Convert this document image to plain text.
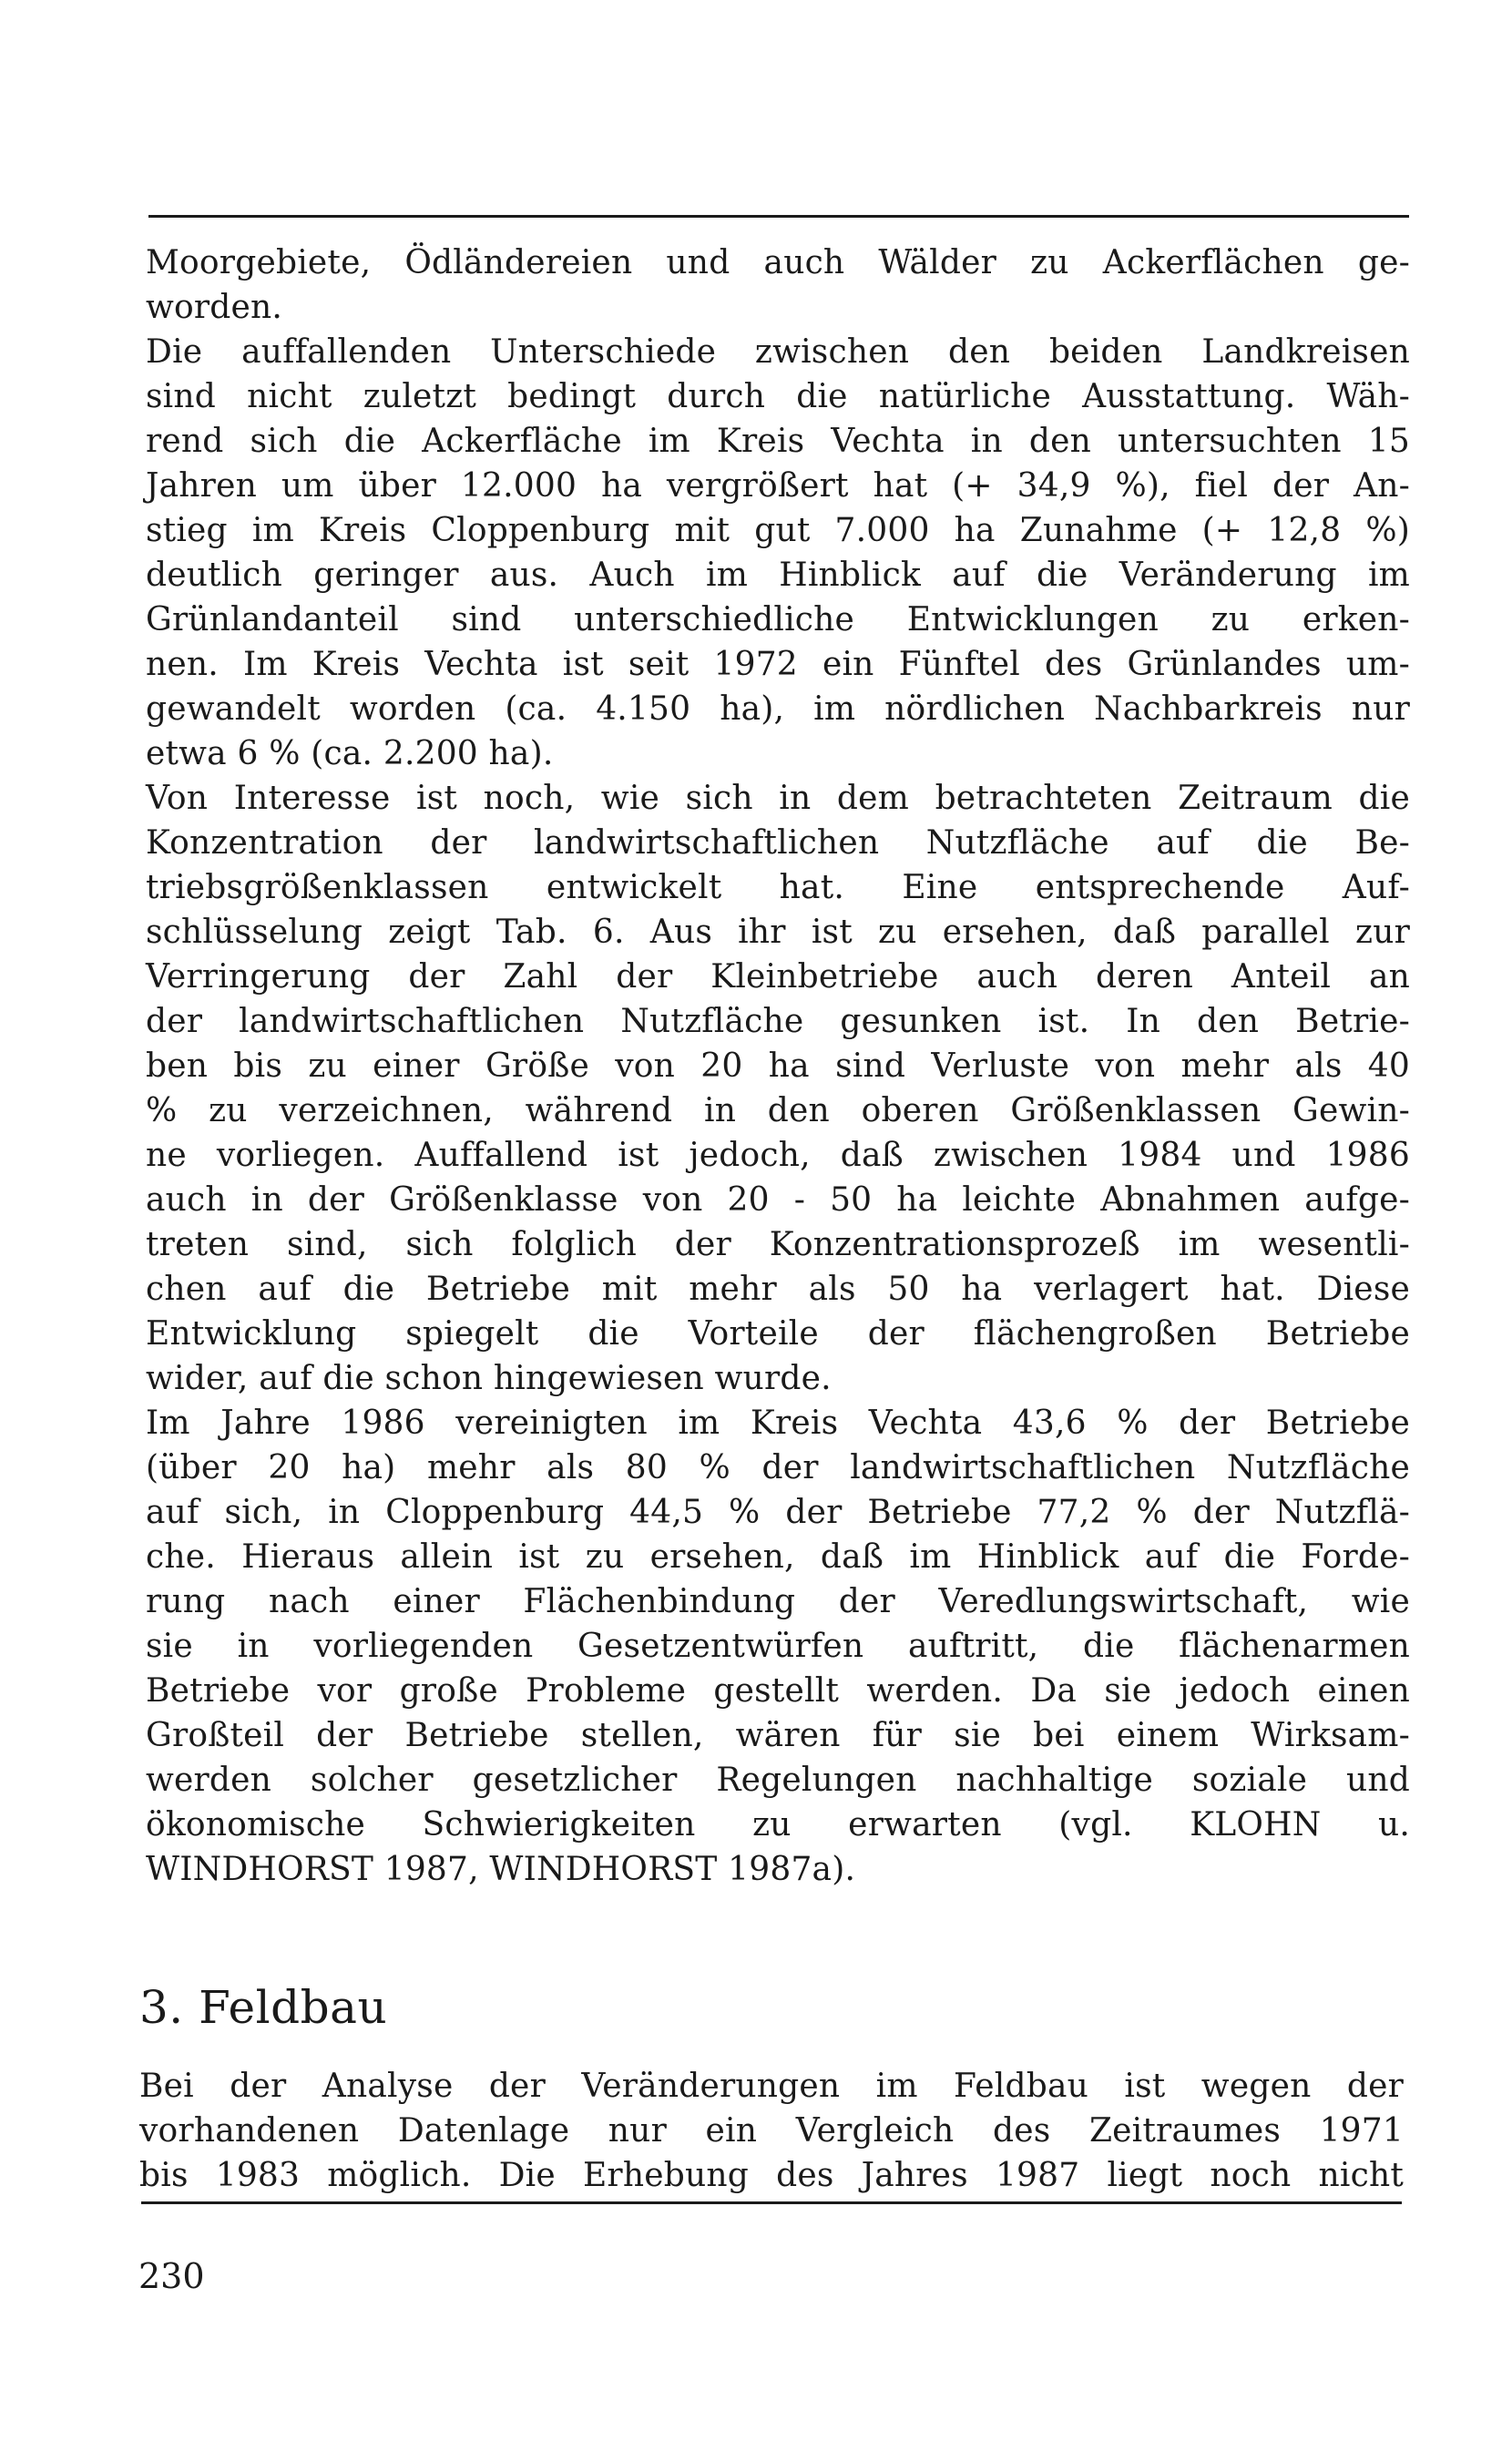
Moorgebiete, Ödländereien und auch Wälder zu Ackerflächen ge-
worden.
Die auffallenden Unterschiede zwischen den beiden Landkreisen
sind nicht zuletzt bedingt durch die natürliche Ausstattung. Wäh-
rend sich die Ackerfläche im Kreis Vechta in den untersuchten 15
Jahren um über 12.000 ha vergrößert hat (+ 34,9 %), fiel der An-
stieg im Kreis Cloppenburg mit gut 7.000 ha Zunahme (+ 12,8 %)
deutlich geringer aus. Auch im Hinblick auf die Veränderung im
Grünlandanteil sind unterschiedliche Entwicklungen zu erken-
nen. Im Kreis Vechta ist seit 1972 ein Fünftel des Grünlandes um-
gewandelt worden (ca. 4.150 ha), im nördlichen Nachbarkreis nur
etwa 6 % (ca. 2.200 ha).
Von Interesse ist noch, wie sich in dem betrachteten Zeitraum die
Konzentration der landwirtschaftlichen Nutzfläche auf die Be-
triebsgrößenklassen entwickelt hat. Eine entsprechende Auf-
schlüsselung zeigt Tab. 6. Aus ihr ist zu ersehen, daß parallel zur
Verringerung der Zahl der Kleinbetriebe auch deren Anteil an
der landwirtschaftlichen Nutzfläche gesunken ist. In den Betrie-
ben bis zu einer Größe von 20 ha sind Verluste von mehr als 40
% zu verzeichnen, während in den oberen Größenklassen Gewin-
ne vorliegen. Auffallend ist jedoch, daß zwischen 1984 und 1986
auch in der Größenklasse von 20 - 50 ha leichte Abnahmen aufge-
treten sind, sich folglich der Konzentrationsprozeß im wesentli-
chen auf die Betriebe mit mehr als 50 ha verlagert hat. Diese
Entwicklung spiegelt die Vorteile der flächengroßen Betriebe
wider, auf die schon hingewiesen wurde.
Im Jahre 1986 vereinigten im Kreis Vechta 43,6 % der Betriebe
(über 20 ha) mehr als 80 % der landwirtschaftlichen Nutzfläche
auf sich, in Cloppenburg 44,5 % der Betriebe 77,2 % der Nutzflä-
che. Hieraus allein ist zu ersehen, daß im Hinblick auf die Forde-
rung nach einer Flächenbindung der Veredlungswirtschaft, wie
sie in vorliegenden Gesetzentwürfen auftritt, die flächenarmen
Betriebe vor große Probleme gestellt werden. Da sie jedoch einen
Großteil der Betriebe stellen, wären für sie bei einem Wirksam-
werden solcher gesetzlicher Regelungen nachhaltige soziale und
ökonomische Schwierigkeiten zu erwarten (vgl. KLOHN u.
WINDHORST 1987, WINDHORST 1987a).
3. Feldbau
Bei der Analyse der Veränderungen im Feldbau ist wegen der
vorhandenen Datenlage nur ein Vergleich des Zeitraumes 1971
bis 1983 möglich. Die Erhebung des Jahres 1987 liegt noch nicht
230
